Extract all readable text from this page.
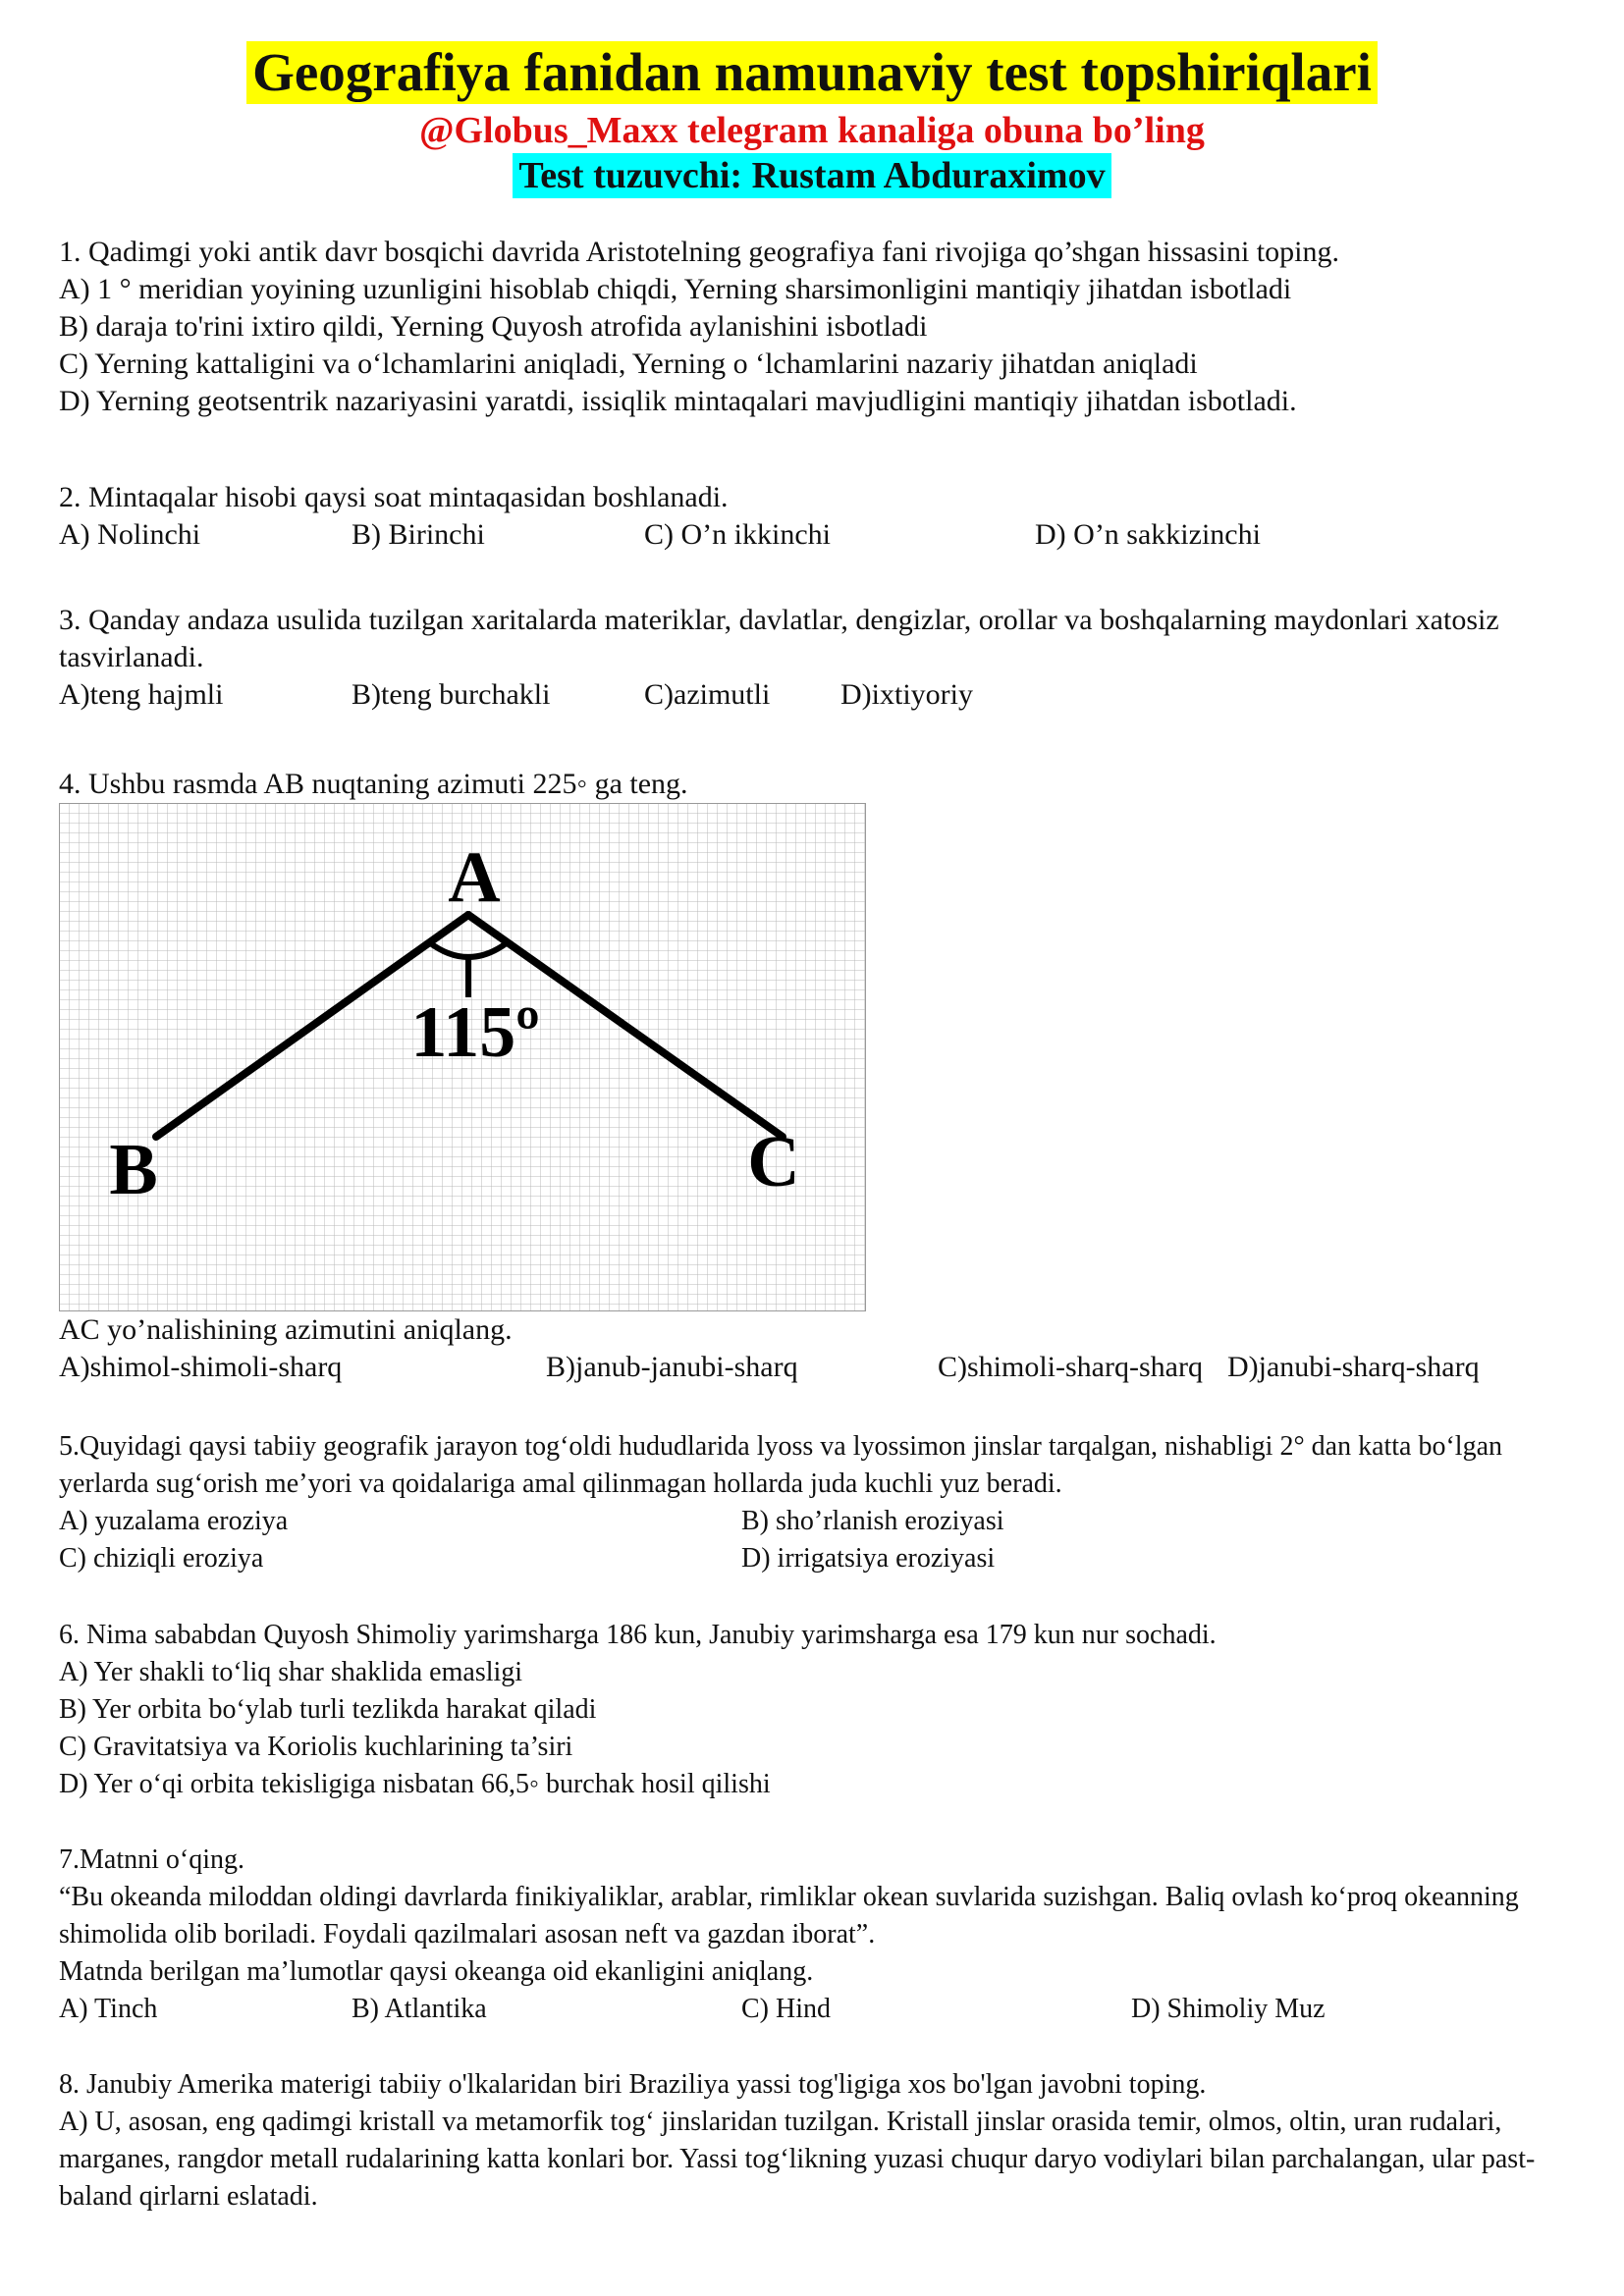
Geografiya fanidan namunaviy test topshiriqlari
@Globus_Maxx telegram kanaliga obuna bo’ling
Test tuzuvchi: Rustam Abduraximov
1. Qadimgi yoki antik davr bosqichi davrida Aristotelning geografiya fani rivojiga qo’shgan hissasini toping.
A) 1 ° meridian yoyining uzunligini hisoblab chiqdi, Yerning sharsimonligini mantiqiy jihatdan isbotladi
B) daraja to'rini ixtiro qildi, Yerning Quyosh atrofida aylanishini isbotladi
C) Yerning kattaligini va o‘lchamlarini aniqladi, Yerning o ‘lchamlarini nazariy jihatdan aniqladi
D) Yerning geotsentrik nazariyasini yaratdi, issiqlik mintaqalari mavjudligini mantiqiy jihatdan isbotladi.
2. Mintaqalar hisobi qaysi soat mintaqasidan boshlanadi.
A) Nolinchi	B) Birinchi	C) O’n ikkinchi	D) O’n sakkizinchi
3. Qanday andaza usulida tuzilgan xaritalarda materiklar, davlatlar, dengizlar, orollar va boshqalarning maydonlari xatosiz tasvirlanadi.
A)teng hajmli	B)teng burchakli	C)azimutli D)ixtiyoriy
4. Ushbu rasmda AB nuqtaning azimuti 225◦ ga teng.
A
B	C
115º
AC yo’nalishining azimutini aniqlang.
A)shimol-shimoli-sharq	B)janub-janubi-sharq	C)shimoli-sharq-sharq D)janubi-sharq-sharq
5.Quyidagi qaysi tabiiy geografik jarayon tog‘oldi hududlarida lyoss va lyossimon jinslar tarqalgan, nishabligi 2° dan katta bo‘lgan yerlarda sug‘orish me’yori va qoidalariga amal qilinmagan hollarda juda kuchli yuz beradi.
A) yuzalama eroziya	B) sho’rlanish eroziyasi
C) chiziqli eroziya	D) irrigatsiya eroziyasi
6. Nima sababdan Quyosh Shimoliy yarimsharga 186 kun, Janubiy yarimsharga esa 179 kun nur sochadi.
A) Yer shakli to‘liq shar shaklida emasligi
B) Yer orbita bo‘ylab turli tezlikda harakat qiladi
C) Gravitatsiya va Koriolis kuchlarining ta’siri
D) Yer o‘qi orbita tekisligiga nisbatan 66,5◦ burchak hosil qilishi
7.Matnni o‘qing.
“Bu okeanda miloddan oldingi davrlarda finikiyaliklar, arablar, rimliklar okean suvlarida suzishgan. Baliq ovlash ko‘proq okeanning shimolida olib boriladi. Foydali qazilmalari asosan neft va gazdan iborat”.
Matnda berilgan ma’lumotlar qaysi okeanga oid ekanligini aniqlang.
A) Tinch	B) Atlantika	C) Hind	D) Shimoliy Muz
8. Janubiy Amerika materigi tabiiy o'lkalaridan biri Braziliya yassi tog'ligiga xos bo'lgan javobni toping.
A) U, asosan, eng qadimgi kristall va metamorfik tog‘ jinslaridan tuzilgan. Kristall jinslar orasida temir, olmos, oltin, uran rudalari, marganes, rangdor metall rudalarining katta konlari bor. Yassi tog‘likning yuzasi chuqur daryo vodiylari bilan parchalangan, ular past-baland qirlarni eslatadi.
